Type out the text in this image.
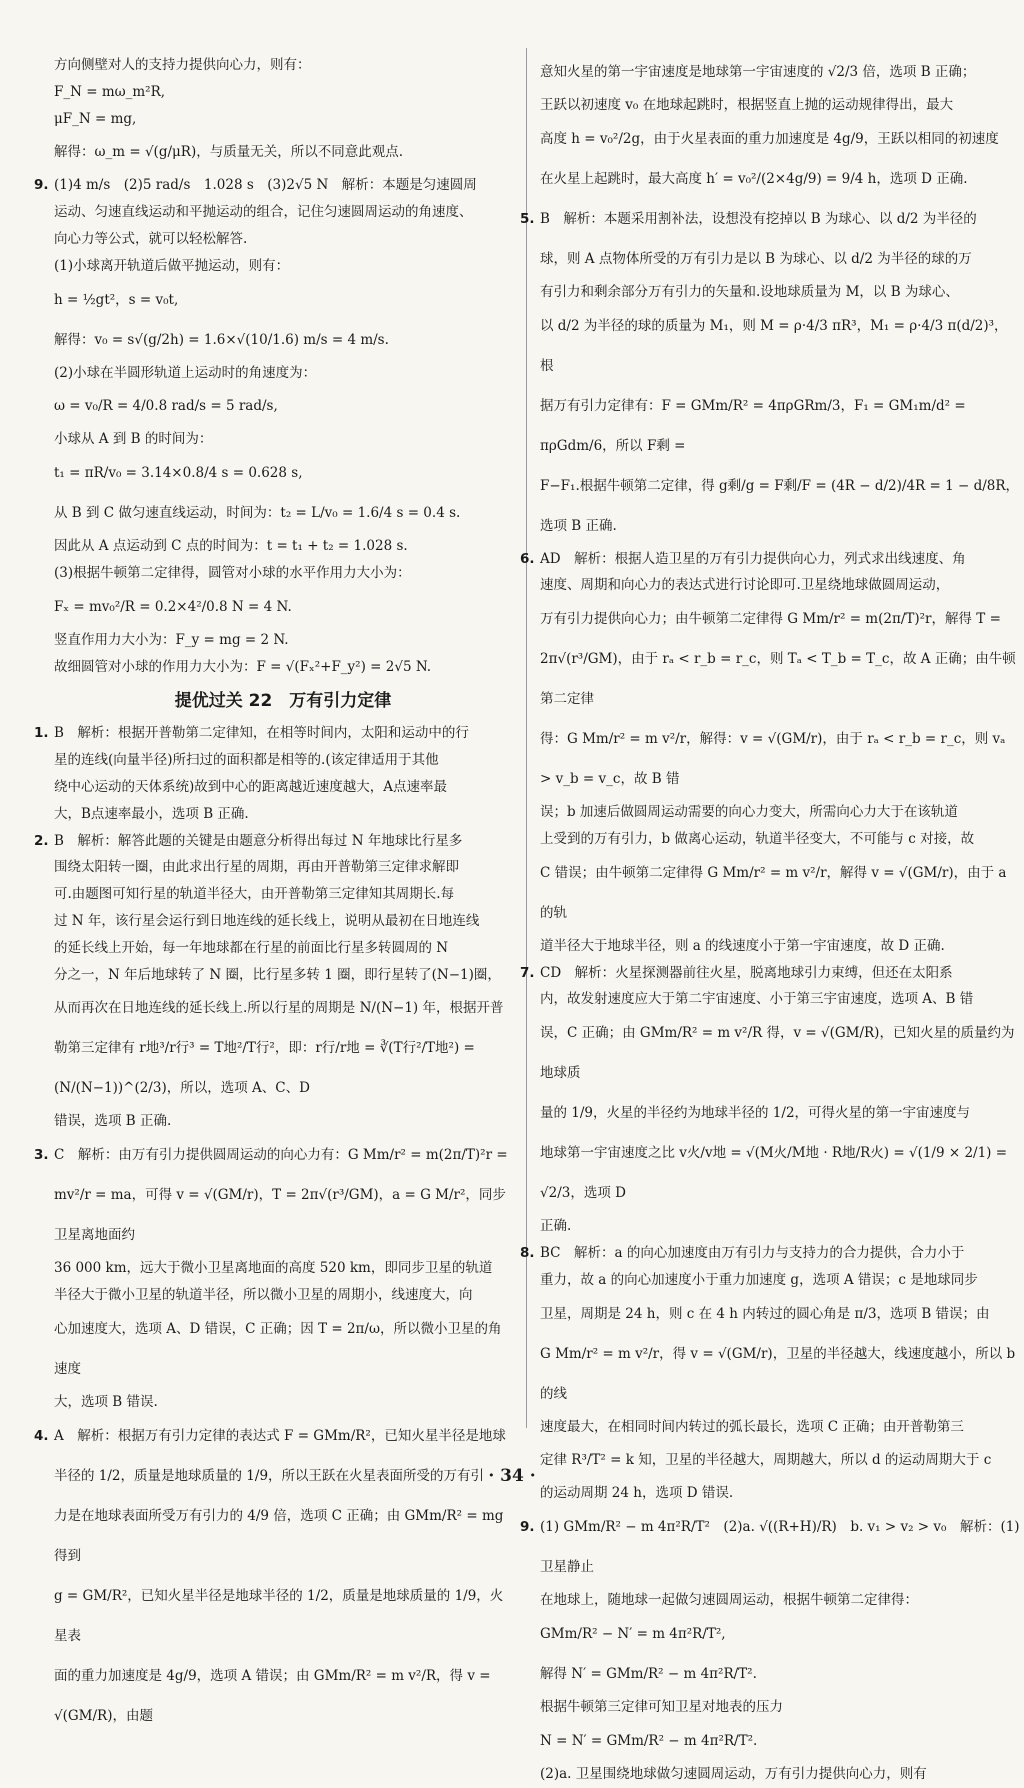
方向侧壁对人的支持力提供向心力，则有：

F_N = mω_m²R,

μF_N = mg,

解得：ω_m = √(g/μR)，与质量无关，所以不同意此观点.

9. (1)4 m/s　(2)5 rad/s　1.028 s　(3)2√5 N　解析：本题是匀速圆周

运动、匀速直线运动和平抛运动的组合，记住匀速圆周运动的角速度、

向心力等公式，就可以轻松解答.

(1)小球离开轨道后做平抛运动，则有：

h = ½gt²，s = v₀t,

解得：v₀ = s√(g/2h) = 1.6×√(10/1.6) m/s = 4 m/s.

(2)小球在半圆形轨道上运动时的角速度为：

ω = v₀/R = 4/0.8 rad/s = 5 rad/s,

小球从 A 到 B 的时间为：

t₁ = πR/v₀ = 3.14×0.8/4 s = 0.628 s,

从 B 到 C 做匀速直线运动，时间为：t₂ = L/v₀ = 1.6/4 s = 0.4 s.

因此从 A 点运动到 C 点的时间为：t = t₁ + t₂ = 1.028 s.

(3)根据牛顿第二定律得，圆管对小球的水平作用力大小为：

Fₓ = mv₀²/R = 0.2×4²/0.8 N = 4 N.

竖直作用力大小为：F_y = mg = 2 N.

故细圆管对小球的作用力大小为：F = √(Fₓ²+F_y²) = 2√5 N.

提优过关 22　万有引力定律

1. B　解析：根据开普勒第二定律知，在相等时间内，太阳和运动中的行

星的连线(向量半径)所扫过的面积都是相等的.(该定律适用于其他

绕中心运动的天体系统)故到中心的距离越近速度越大，A点速率最

大，B点速率最小，选项 B 正确.

2. B　解析：解答此题的关键是由题意分析得出每过 N 年地球比行星多

围绕太阳转一圈，由此求出行星的周期，再由开普勒第三定律求解即

可.由题图可知行星的轨道半径大，由开普勒第三定律知其周期长.每

过 N 年，该行星会运行到日地连线的延长线上，说明从最初在日地连线

的延长线上开始，每一年地球都在行星的前面比行星多转圆周的 N

分之一，N 年后地球转了 N 圈，比行星多转 1 圈，即行星转了(N−1)圈，

从而再次在日地连线的延长线上.所以行星的周期是 N/(N−1) 年，根据开普

勒第三定律有 r地³/r行³ = T地²/T行²，即：r行/r地 = ∛(T行²/T地²) = (N/(N−1))^(2/3)，所以，选项 A、C、D

错误，选项 B 正确.

3. C　解析：由万有引力提供圆周运动的向心力有：G Mm/r² = m(2π/T)²r =

mv²/r = ma，可得 v = √(GM/r)，T = 2π√(r³/GM)，a = G M/r²，同步卫星离地面约

36 000 km，远大于微小卫星离地面的高度 520 km，即同步卫星的轨道

半径大于微小卫星的轨道半径，所以微小卫星的周期小，线速度大，向

心加速度大，选项 A、D 错误，C 正确；因 T = 2π/ω，所以微小卫星的角速度

大，选项 B 错误.

4. A　解析：根据万有引力定律的表达式 F = GMm/R²，已知火星半径是地球

半径的 1/2，质量是地球质量的 1/9，所以王跃在火星表面所受的万有引

力是在地球表面所受万有引力的 4/9 倍，选项 C 正确；由 GMm/R² = mg 得到

g = GM/R²，已知火星半径是地球半径的 1/2，质量是地球质量的 1/9，火星表

面的重力加速度是 4g/9，选项 A 错误；由 GMm/R² = m v²/R，得 v = √(GM/R)，由题

意知火星的第一宇宙速度是地球第一宇宙速度的 √2/3 倍，选项 B 正确；

王跃以初速度 v₀ 在地球起跳时，根据竖直上抛的运动规律得出，最大

高度 h = v₀²/2g，由于火星表面的重力加速度是 4g/9，王跃以相同的初速度

在火星上起跳时，最大高度 h′ = v₀²/(2×4g/9) = 9/4 h，选项 D 正确.

5. B　解析：本题采用割补法，设想没有挖掉以 B 为球心、以 d/2 为半径的

球，则 A 点物体所受的万有引力是以 B 为球心、以 d/2 为半径的球的万

有引力和剩余部分万有引力的矢量和.设地球质量为 M，以 B 为球心、

以 d/2 为半径的球的质量为 M₁，则 M = ρ·4/3 πR³，M₁ = ρ·4/3 π(d/2)³，根

据万有引力定律有：F = GMm/R² = 4πρGRm/3，F₁ = GM₁m/d² = πρGdm/6，所以 F剩 =

F−F₁.根据牛顿第二定律，得 g剩/g = F剩/F = (4R − d/2)/4R = 1 − d/8R，选项 B 正确.

6. AD　解析：根据人造卫星的万有引力提供向心力，列式求出线速度、角

速度、周期和向心力的表达式进行讨论即可.卫星绕地球做圆周运动，

万有引力提供向心力；由牛顿第二定律得 G Mm/r² = m(2π/T)²r，解得 T =

2π√(r³/GM)，由于 rₐ < r_b = r_c，则 Tₐ < T_b = T_c，故 A 正确；由牛顿第二定律

得：G Mm/r² = m v²/r，解得：v = √(GM/r)，由于 rₐ < r_b = r_c，则 vₐ > v_b = v_c，故 B 错

误；b 加速后做圆周运动需要的向心力变大，所需向心力大于在该轨道

上受到的万有引力，b 做离心运动，轨道半径变大，不可能与 c 对接，故

C 错误；由牛顿第二定律得 G Mm/r² = m v²/r，解得 v = √(GM/r)，由于 a 的轨

道半径大于地球半径，则 a 的线速度小于第一宇宙速度，故 D 正确.

7. CD　解析：火星探测器前往火星，脱离地球引力束缚，但还在太阳系

内，故发射速度应大于第二宇宙速度、小于第三宇宙速度，选项 A、B 错

误，C 正确；由 GMm/R² = m v²/R 得，v = √(GM/R)，已知火星的质量约为地球质

量的 1/9，火星的半径约为地球半径的 1/2，可得火星的第一宇宙速度与

地球第一宇宙速度之比 v火/v地 = √(M火/M地 · R地/R火) = √(1/9 × 2/1) = √2/3，选项 D

正确.

8. BC　解析：a 的向心加速度由万有引力与支持力的合力提供，合力小于

重力，故 a 的向心加速度小于重力加速度 g，选项 A 错误；c 是地球同步

卫星，周期是 24 h，则 c 在 4 h 内转过的圆心角是 π/3，选项 B 错误；由

G Mm/r² = m v²/r，得 v = √(GM/r)，卫星的半径越大，线速度越小，所以 b 的线

速度最大，在相同时间内转过的弧长最长，选项 C 正确；由开普勒第三

定律 R³/T² = k 知，卫星的半径越大，周期越大，所以 d 的运动周期大于 c

的运动周期 24 h，选项 D 错误.

9. (1) GMm/R² − m 4π²R/T²　(2)a. √((R+H)/R)　b. v₁ > v₂ > v₀　解析：(1)卫星静止

在地球上，随地球一起做匀速圆周运动，根据牛顿第二定律得：

GMm/R² − N′ = m 4π²R/T²,

解得 N′ = GMm/R² − m 4π²R/T².

根据牛顿第三定律可知卫星对地表的压力

N = N′ = GMm/R² − m 4π²R/T².

(2)a. 卫星围绕地球做匀速圆周运动，万有引力提供向心力，则有

· 34 ·
